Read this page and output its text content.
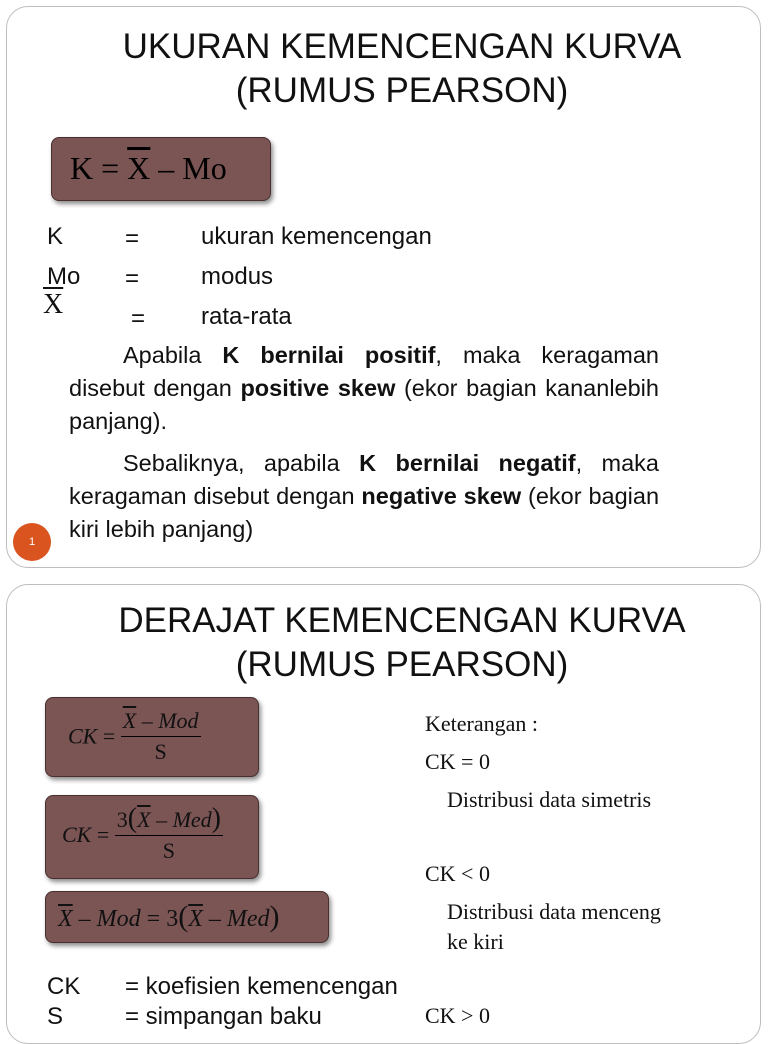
UKURAN KEMENCENGAN KURVA
(RUMUS PEARSON)
$K = \overline{X} - Mo$
K	=	ukuran kemencengan
Mo =	modus
$\overline{X}$	= rata-rata

Apabila K bernilai positif, maka keragaman disebut dengan positive skew (ekor bagian kananlebih panjang).

Sebaliknya, apabila K bernilai negatif, maka keragaman disebut dengan negative skew (ekor bagian kiri lebih panjang)

1
DERAJAT KEMENCENGAN KURVA
(RUMUS PEARSON)
CK = $\frac{\overline{X} - Mod}{S}$
CK = $\frac{3(\overline{X} - Med)}{S}$
$\overline{X}$ – Mod = $3(\overline{X} - Med)$
Keterangan :
CK = 0
Distribusi data simetris
CK < 0
Distribusi data menceng
ke kiri
CK > 0
CK = koefisien kemencengan
S	= simpangan baku
